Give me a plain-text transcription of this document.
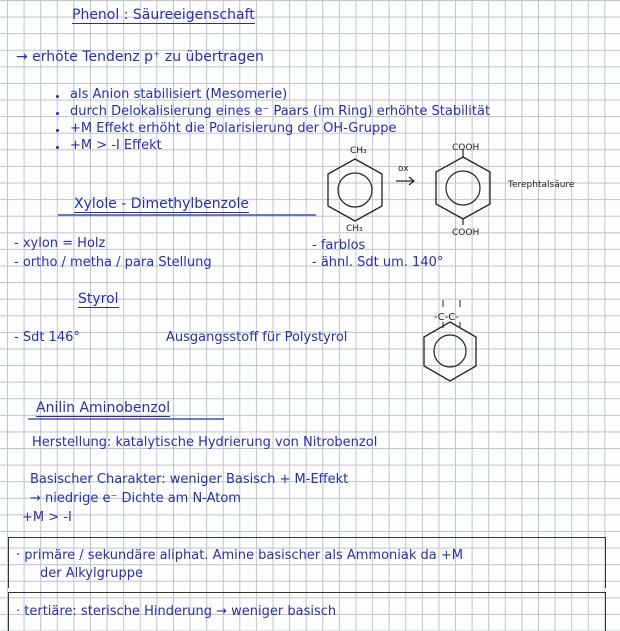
Phenol : Säureeigenschaft
→ erhöte Tendenz p⁺ zu übertragen
als Anion stabilisiert (Mesomerie)
durch Delokalisierung eines e⁻ Paars (im Ring) erhöhte Stabilität
+M Effekt erhöht die Polarisierung der OH-Gruppe
+M > -I Effekt	CH₃
CH₃
ox
COOH
COOH
Terephtalsäure
Xylole - Dimethylbenzole
- xylon = Holz
- ortho / metha / para Stellung
- farblos
- ähnl. Sdt um. 140°
Styrol
- Sdt 146°	Ausgangsstoff für Polystyrol
-C-C-
Anilin Aminobenzol
Herstellung: katalytische Hydrierung von Nitrobenzol
Basischer Charakter: weniger Basisch + M-Effekt
→ niedrige e⁻ Dichte am N-Atom
+M > -I
· primäre / sekundäre aliphat. Amine basischer als Ammoniak da +M
der Alkylgruppe
· tertiäre: sterische Hinderung → weniger basisch
